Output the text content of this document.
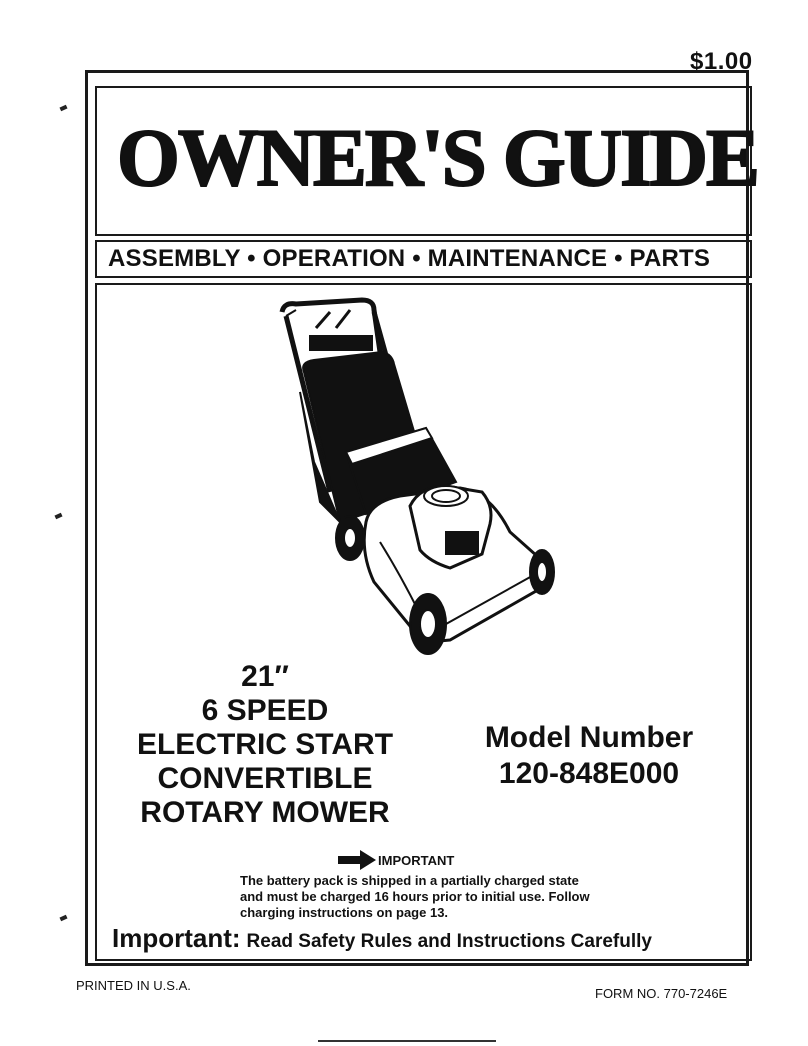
$1.00
OWNER'S GUIDE
ASSEMBLY • OPERATION • MAINTENANCE • PARTS
21″
6 SPEED
ELECTRIC START
CONVERTIBLE
ROTARY MOWER
Model Number
120-848E000
IMPORTANT
The battery pack is shipped in a partially charged state
and must be charged 16 hours prior to initial use. Follow
charging instructions on page 13.
Important: Read Safety Rules and Instructions Carefully
PRINTED IN U.S.A.
FORM NO. 770-7246E
